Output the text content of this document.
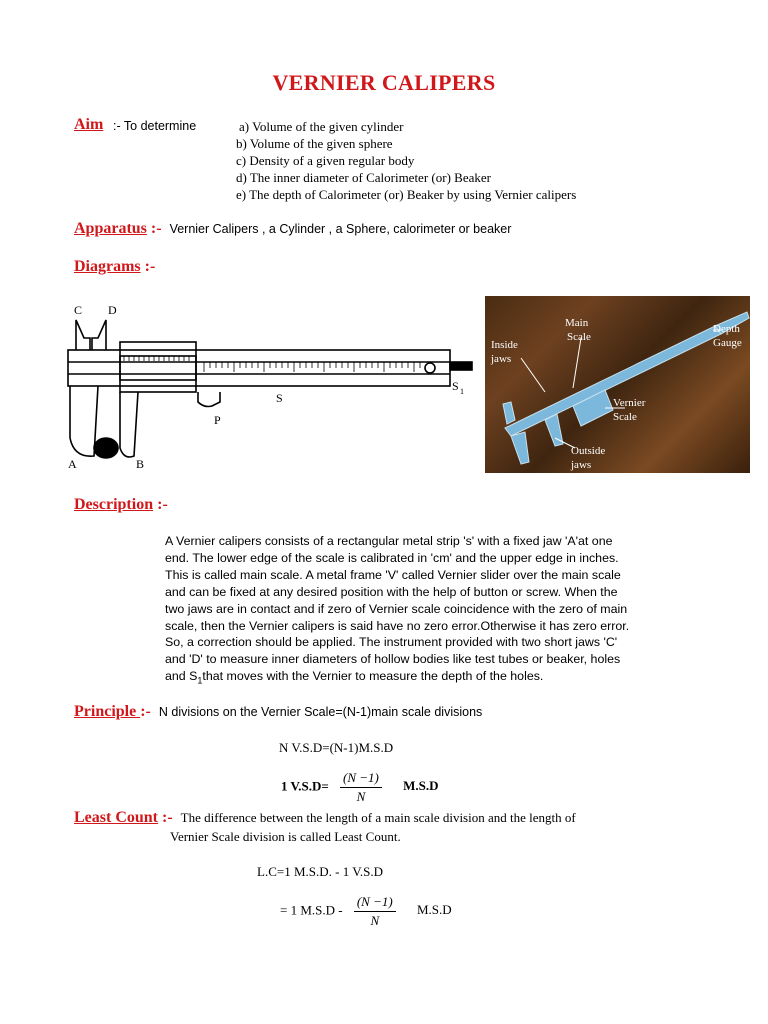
VERNIER CALIPERS
Aim :- To determine	a) Volume of the given cylinder
b) Volume of the given sphere
c) Density of a given regular body
d) The inner diameter of Calorimeter (or) Beaker
e) The depth of Calorimeter (or) Beaker by using Vernier calipers
Apparatus :- Vernier Calipers , a Cylinder , a Sphere, calorimeter or beaker
Diagrams :-
C D
A	B
P
S
S 1
Inside
jaws
Main
Scale
Depth
Gauge
Vernier
Scale
Outside
jaws
Description :-
A Vernier calipers consists of a rectangular metal strip 's' with a fixed jaw 'A'at one
end. The lower edge of the scale is calibrated in 'cm' and the upper edge in inches.
This is called main scale. A metal frame 'V' called Vernier slider over the main scale
and can be fixed at any desired position with the help of button or screw. When the
two jaws are in contact and if zero of Vernier scale coincidence with the zero of main
scale, then the Vernier calipers is said have no zero error.Otherwise it has zero error.
So, a correction should be applied. The instrument provided with two short jaws 'C'
and 'D' to measure inner diameters of hollow bodies like test tubes or beaker, holes
and $S_1that$ moves with the Vernier to measure the depth of the holes.
Principle :- N divisions on the Vernier Scale=(N-1)main scale divisions
N V.S.D=(N-1)M.S.D
1 $V.S.D= \frac{(N -1)}{N} M.S.D$
Least Count :- The difference between the length of a main scale division and the length of
Vernier Scale division is called Least Count.
L.C=1 M.S.D. - 1 V.S.D
= 1 $M.S.D - \frac{(N -1)}{N} M.S.D$
